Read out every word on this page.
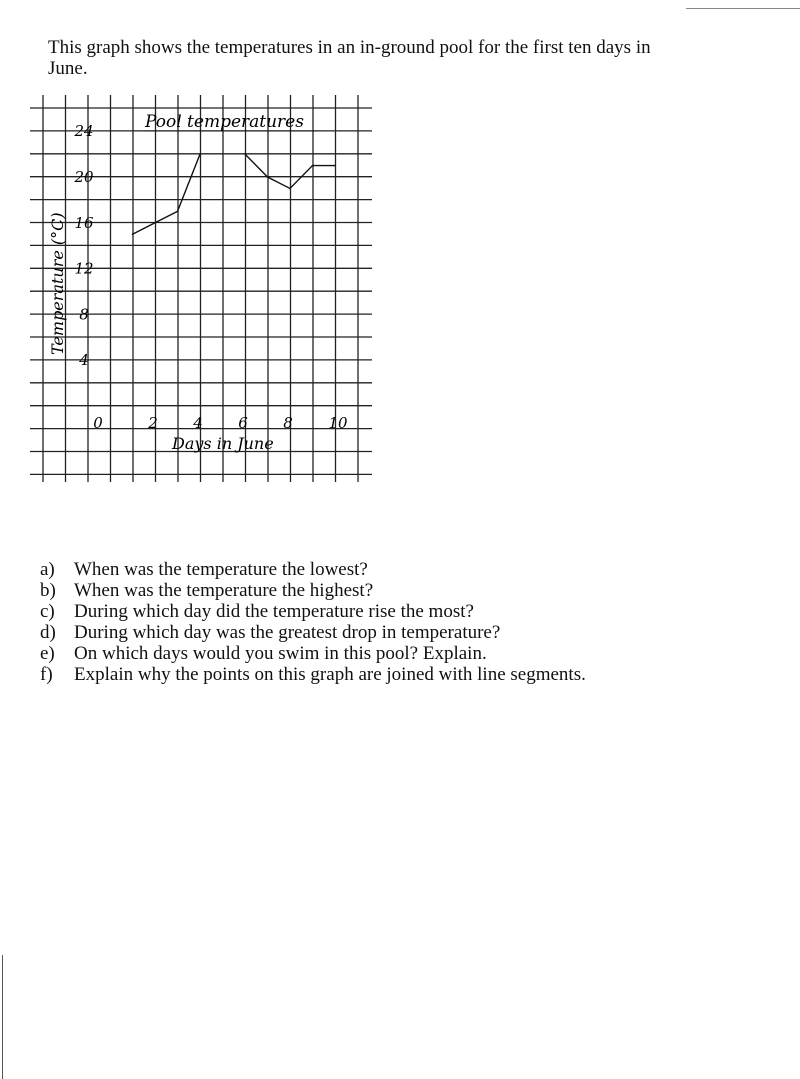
This graph shows the temperatures in an in-ground pool for the first ten days in June.
Pool temperatures
Days in June
Temperature (°C)
4
8
12
16
20
24
0	2 4 6 8 10
a)	When was the temperature the lowest?
b) When was the temperature the highest?
c)	During which day did the temperature rise the most?
d) During which day was the greatest drop in temperature?
e)	On which days would you swim in this pool? Explain.
f)	Explain why the points on this graph are joined with line segments.
